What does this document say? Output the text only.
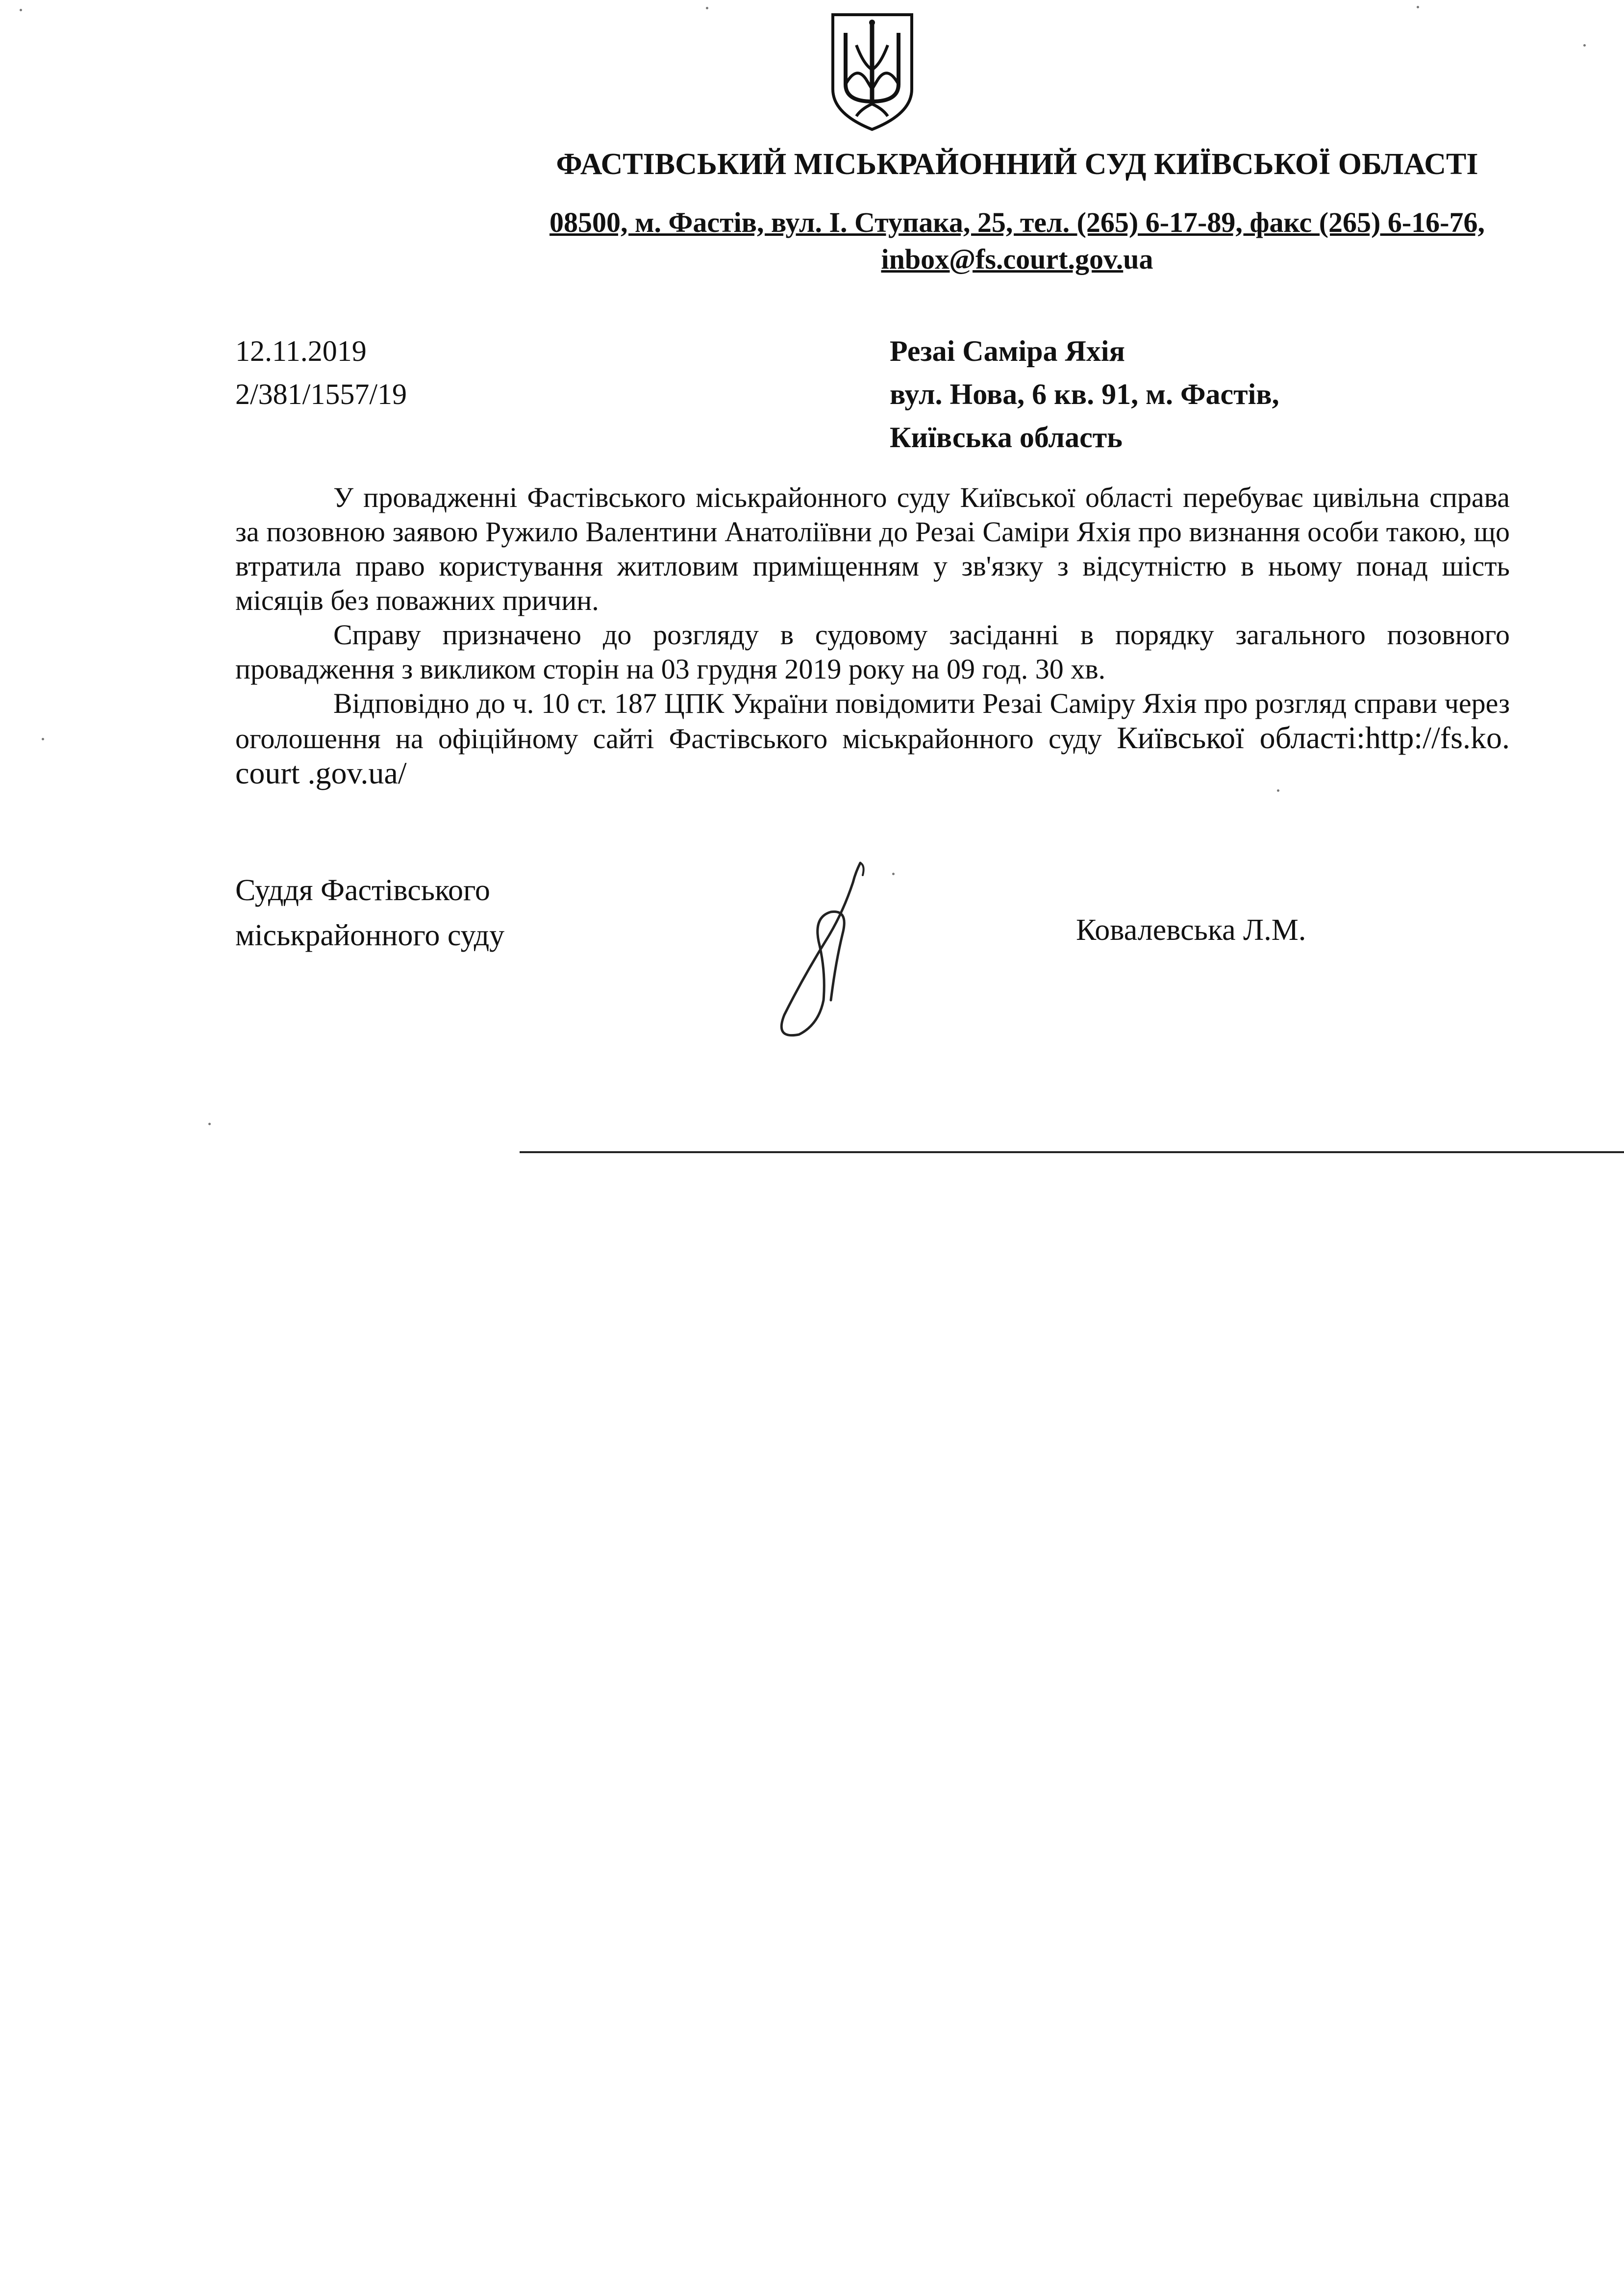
ФАСТІВСЬКИЙ МІСЬКРАЙОННИЙ СУД КИЇВСЬКОЇ ОБЛАСТІ
08500, м. Фастів, вул. І. Ступака, 25, тел. (265) 6-17-89, факс (265) 6-16-76,
inbox@fs.court.gov.ua
12.11.2019
2/381/1557/19
Резаі Саміра Яхія
вул. Нова, 6 кв. 91, м. Фастів,
Київська область

У провадженні Фастівського міськрайонного суду Київської області перебуває цивільна справа за позовною заявою Ружило Валентини Анатоліївни до Резаі Саміри Яхія про визнання особи такою, що втратила право користування житловим приміщенням у зв'язку з відсутністю в ньому понад шість місяців без поважних причин.

Справу призначено до розгляду в судовому засіданні в порядку загального позовного провадження з викликом сторін на 03 грудня 2019 року на 09 год. 30 хв.

Відповідно до ч. 10 ст. 187 ЦПК України повідомити Резаі Саміру Яхія про розгляд справи через оголошення на офіційному сайті Фастівського міськрайонного суду Київської області:http://fs.ko. court .gov.ua/

Суддя Фастівського
міськрайонного суду	Ковалевська Л.М.
